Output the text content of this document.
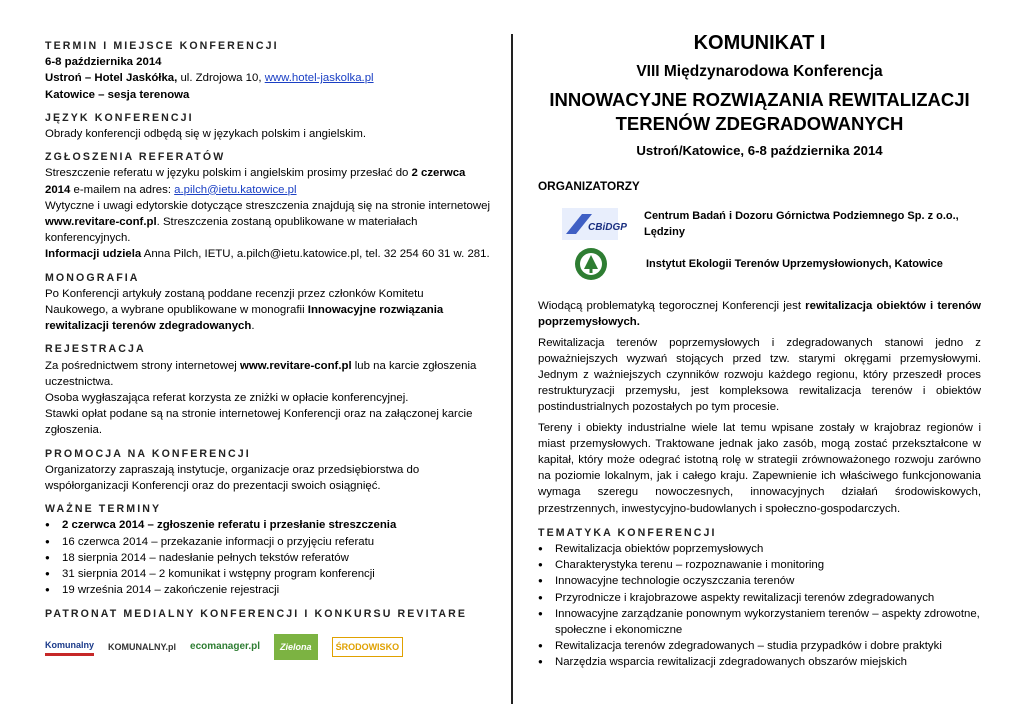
TERMIN I MIEJSCE KONFERENCJI

6-8 października 2014

Ustroń – Hotel Jaskółka, ul. Zdrojowa 10, www.hotel-jaskolka.pl

Katowice – sesja terenowa

JĘZYK KONFERENCJI

Obrady konferencji odbędą się w językach polskim i angielskim.

ZGŁOSZENIA REFERATÓW

Streszczenie referatu w języku polskim i angielskim prosimy przesłać do 2 czerwca 2014 e-mailem na adres: a.pilch@ietu.katowice.pl

Wytyczne i uwagi edytorskie dotyczące streszczenia znajdują się na stronie internetowej www.revitare-conf.pl. Streszczenia zostaną opublikowane w materiałach konferencyjnych.

Informacji udziela Anna Pilch, IETU, a.pilch@ietu.katowice.pl, tel. 32 254 60 31 w. 281.

MONOGRAFIA

Po Konferencji artykuły zostaną poddane recenzji przez członków Komitetu Naukowego, a wybrane opublikowane w monografii Innowacyjne rozwiązania rewitalizacji terenów zdegradowanych.

REJESTRACJA

Za pośrednictwem strony internetowej www.revitare-conf.pl lub na karcie zgłoszenia uczestnictwa.

Osoba wygłaszająca referat korzysta ze zniżki w opłacie konferencyjnej.

Stawki opłat podane są na stronie internetowej Konferencji oraz na załączonej karcie zgłoszenia.

PROMOCJA NA KONFERENCJI

Organizatorzy zapraszają instytucje, organizacje oraz przedsiębiorstwa do współorganizacji Konferencji oraz do prezentacji swoich osiągnięć.

WAŻNE TERMINY

● 2 czerwca 2014 – zgłoszenie referatu i przesłanie streszczenia
● 16 czerwca 2014 – przekazanie informacji o przyjęciu referatu
● 18 sierpnia 2014 – nadesłanie pełnych tekstów referatów
● 31 sierpnia 2014 – 2 komunikat i wstępny program konferencji
● 19 września 2014 – zakończenie rejestracji

PATRONAT MEDIALNY KONFERENCJI I KONKURSU REVITARE

Komunalny KOMUNALNY.pl ecomanager.pl	Zielona	ŚRODOWISKO

KOMUNIKAT I

VIII Międzynarodowa Konferencja

INNOWACYJNE ROZWIĄZANIA REWITALIZACJI TERENÓW ZDEGRADOWANYCH

Ustroń/Katowice, 6-8 października 2014

ORGANIZATORZY

CBiDGP
Centrum Badań i Dozoru Górnictwa Podziemnego Sp. z o.o., Lędziny
Instytut Ekologii Terenów Uprzemysłowionych, Katowice

Wiodącą problematyką tegorocznej Konferencji jest rewitalizacja obiektów i terenów poprzemysłowych.

Rewitalizacja terenów poprzemysłowych i zdegradowanych stanowi jedno z poważniejszych wyzwań stojących przed tzw. starymi okręgami przemysłowymi. Jednym z ważniejszych czynników rozwoju każdego regionu, który przeszedł proces restrukturyzacji przemysłu, jest kompleksowa rewitalizacja terenów i obiektów postindustrialnych pozostałych po tym procesie.

Tereny i obiekty industrialne wiele lat temu wpisane zostały w krajobraz regionów i miast przemysłowych. Traktowane jednak jako zasób, mogą zostać przekształcone w kapitał, który może odegrać istotną rolę w strategii zrównoważonego rozwoju zarówno na poziomie lokalnym, jak i całego kraju. Zapewnienie ich właściwego funkcjonowania wymaga szeregu nowoczesnych, innowacyjnych działań środowiskowych, przestrzennych, inwestycyjno-budowlanych i społeczno-gospodarczych.

TEMATYKA KONFERENCJI

● Rewitalizacja obiektów poprzemysłowych
● Charakterystyka terenu – rozpoznawanie i monitoring
● Innowacyjne technologie oczyszczania terenów
● Przyrodnicze i krajobrazowe aspekty rewitalizacji terenów zdegradowanych
● Innowacyjne zarządzanie ponownym wykorzystaniem terenów – aspekty zdrowotne, społeczne i ekonomiczne
● Rewitalizacja terenów zdegradowanych – studia przypadków i dobre praktyki
● Narzędzia wsparcia rewitalizacji zdegradowanych obszarów miejskich
